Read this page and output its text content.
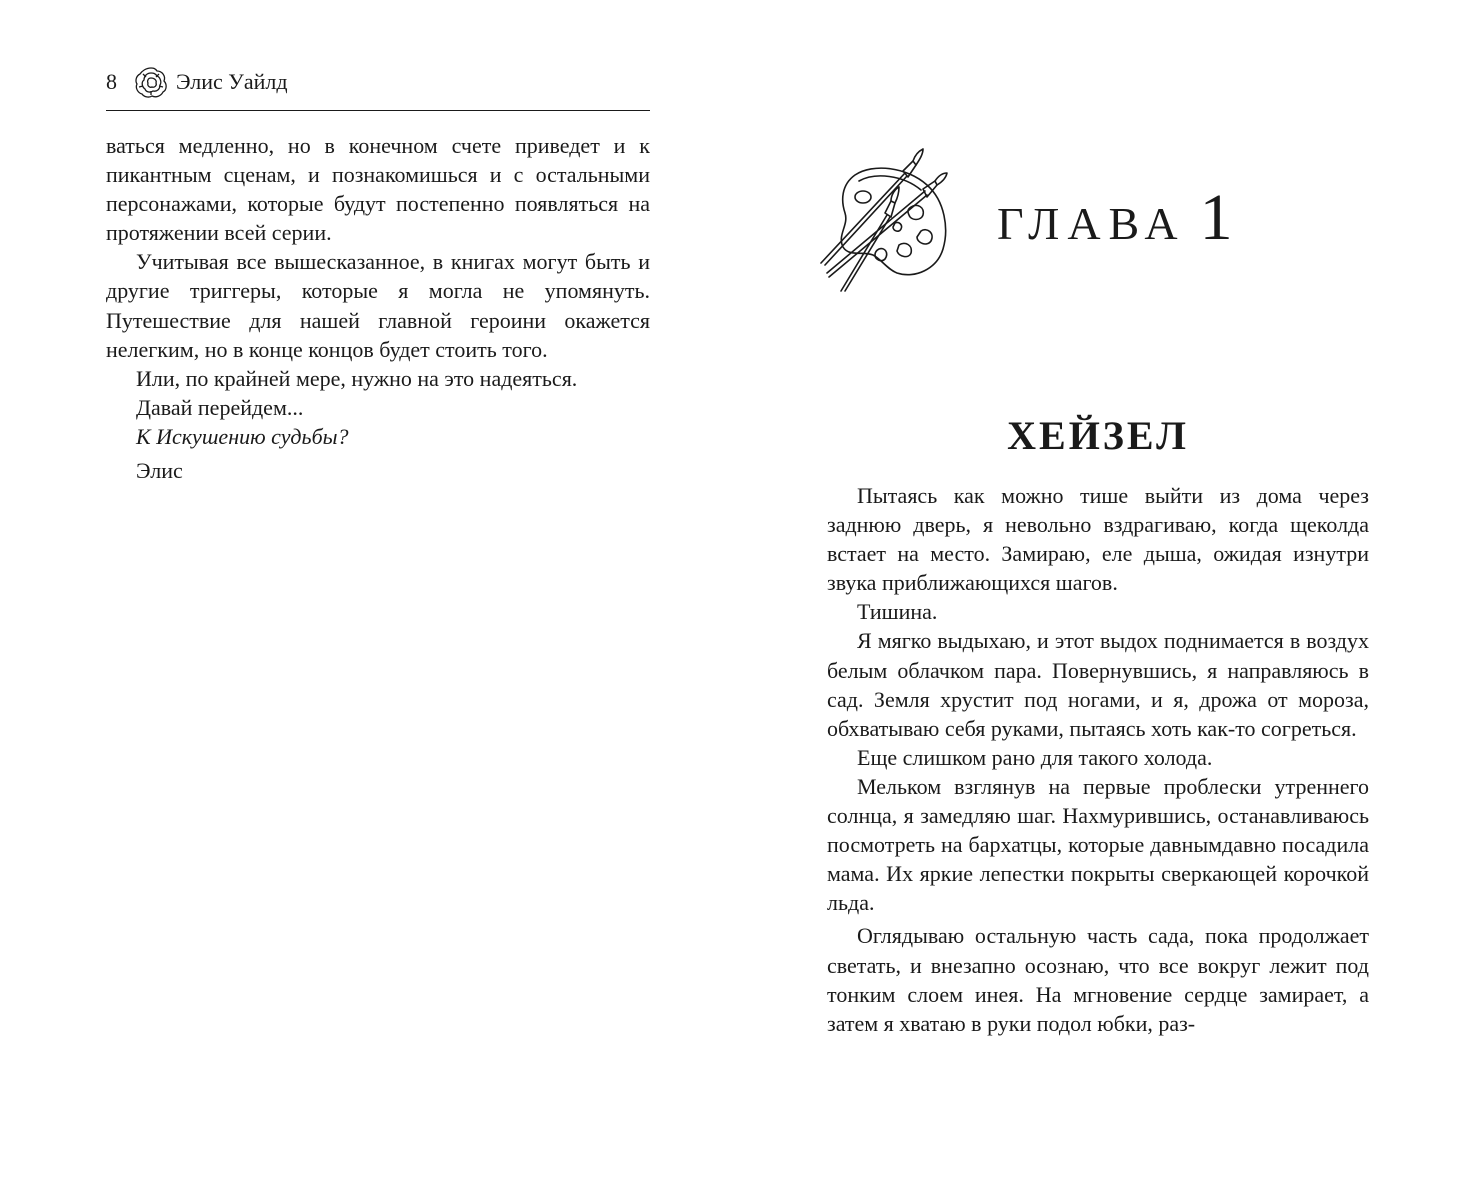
8	Элис Уайлд

ваться медленно, но в конечном счете приведет и к пикантным сценам, и познакомишься и с остальными персонажами, которые будут постепенно появляться на протяжении всей серии.

Учитывая все вышесказанное, в книгах могут быть и другие триггеры, которые я могла не упомянуть. Путешествие для нашей главной героини окажется нелегким, но в конце концов будет стоить того.

Или, по крайней мере, нужно на это надеяться.

Давай перейдем...

К Искушению судьбы?

Элис

глава 1
ХЕЙЗЕЛ

Пытаясь как можно тише выйти из дома через заднюю дверь, я невольно вздрагиваю, когда щеколда встает на место. Замираю, еле дыша, ожидая изнутри звука приближающихся шагов.

Тишина.

Я мягко выдыхаю, и этот выдох поднимается в воздух белым облачком пара. Повернувшись, я направляюсь в сад. Земля хрустит под ногами, и я, дрожа от мороза, обхватываю себя руками, пытаясь хоть как-то согреться.

Еще слишком рано для такого холода.

Мельком взглянув на первые проблески утреннего солнца, я замедляю шаг. Нахмурившись, останавливаюсь посмотреть на бархатцы, которые давнымдавно посадила мама. Их яркие лепестки покрыты сверкающей корочкой льда.

Оглядываю остальную часть сада, пока продолжает светать, и внезапно осознаю, что все вокруг лежит под тонким слоем инея. На мгновение сердце замирает, а затем я хватаю в руки подол юбки, раз-
